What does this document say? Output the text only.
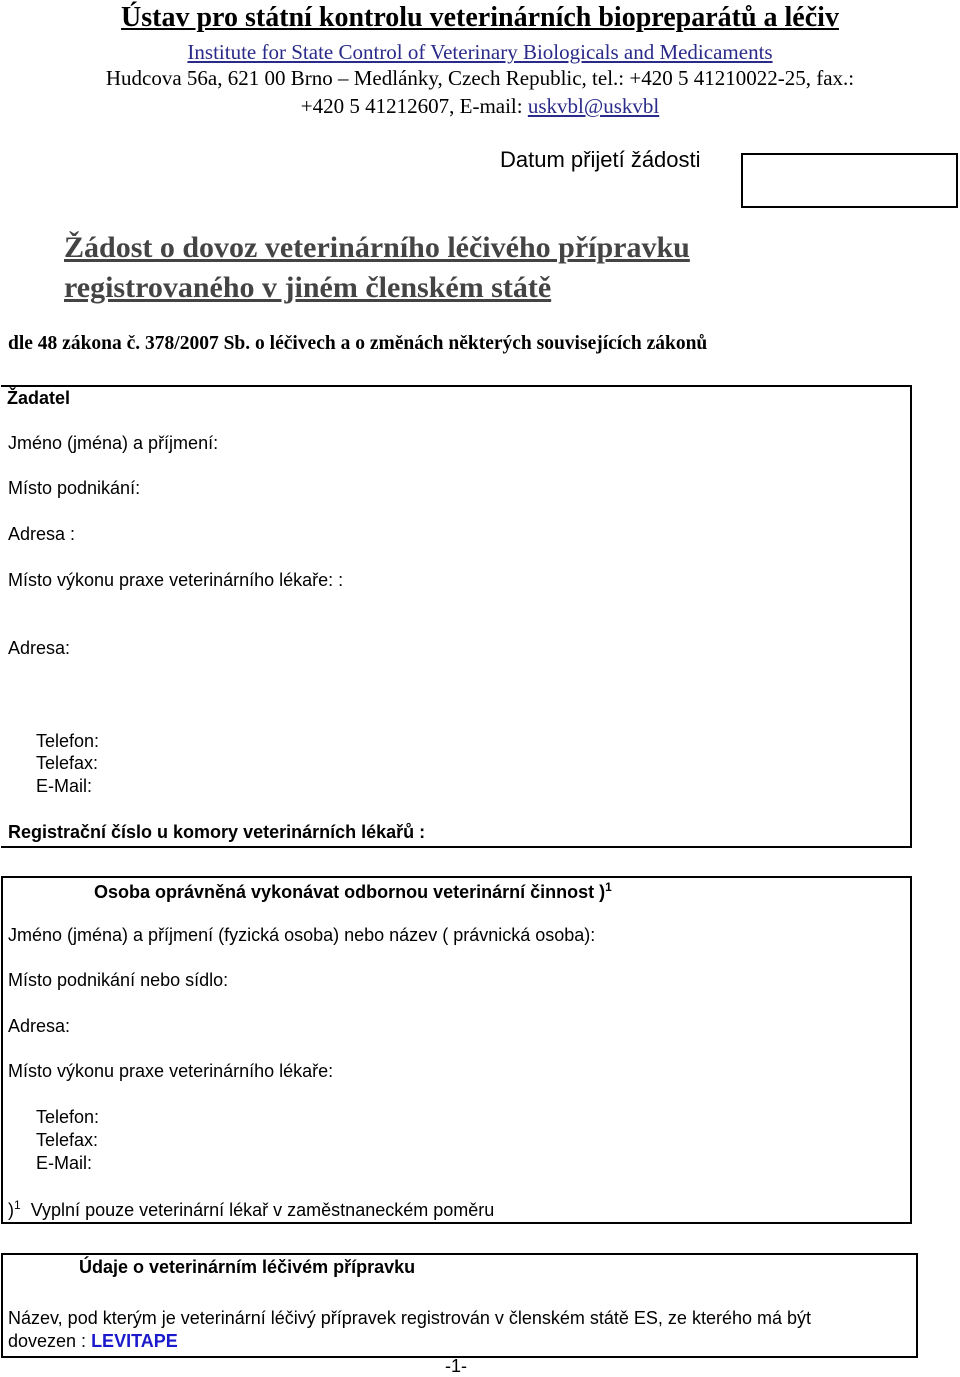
Ústav pro státní kontrolu veterinárních biopreparátů a léčiv
Institute for State Control of Veterinary Biologicals and Medicaments
Hudcova 56a, 621 00 Brno – Medlánky, Czech Republic, tel.: +420 5 41210022-25, fax.:
+420 5 41212607, E-mail: uskvbl@uskvbl
Datum přijetí žádosti
Žádost o dovoz veterinárního léčivého přípravku
registrovaného v jiném členském státě
dle 48 zákona č. 378/2007 Sb. o léčivech a o změnách některých souvisejících zákonů
Žadatel
Jméno (jména) a příjmení:
Místo podnikání:
Adresa :
Místo výkonu praxe veterinárního lékaře: :
Adresa:
Telefon:
Telefax:
E-Mail:
Registrační číslo u komory veterinárních lékařů :
Osoba oprávněná vykonávat odbornou veterinární činnost )$^1$
Jméno (jména) a příjmení (fyzická osoba) nebo název ( právnická osoba):
Místo podnikání nebo sídlo:
Adresa:
Místo výkonu praxe veterinárního lékaře:
Telefon:
Telefax:
E-Mail:
)$^1$ Vyplní pouze veterinární lékař v zaměstnaneckém poměru
Údaje o veterinárním léčivém přípravku
Název, pod kterým je veterinární léčivý přípravek registrován v členském státě ES, ze kterého má být
dovezen : LEVITAPE
-1-
